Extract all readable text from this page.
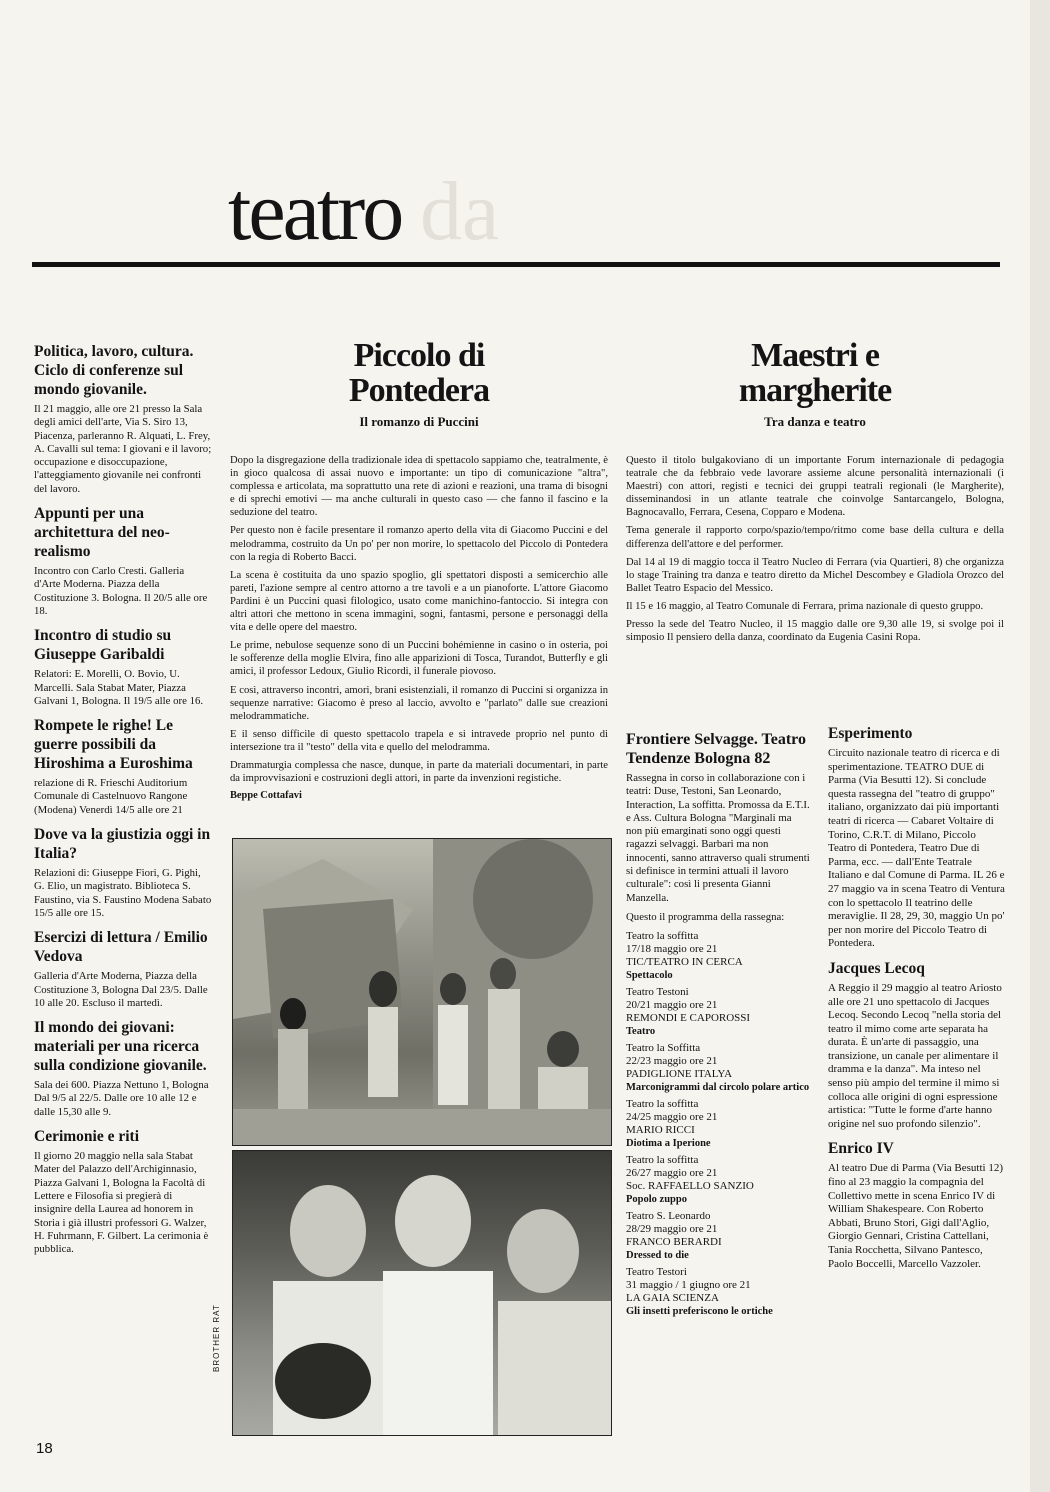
da
teatro
Politica, lavoro, cultura. Ciclo di conferenze sul mondo giovanile.

Il 21 maggio, alle ore 21 presso la Sala degli amici dell'arte, Via S. Siro 13, Piacenza, parleranno R. Alquati, L. Frey, A. Cavalli sul tema: I giovani e il lavoro; occupazione e disoccupazione, l'atteggiamento giovanile nei confronti del lavoro.

Appunti per una architettura del neo-realismo

Incontro con Carlo Cresti. Galleria d'Arte Moderna. Piazza della Costituzione 3. Bologna. Il 20/5 alle ore 18.

Incontro di studio su Giuseppe Garibaldi

Relatori: E. Morelli, O. Bovio, U. Marcelli. Sala Stabat Mater, Piazza Galvani 1, Bologna. Il 19/5 alle ore 16.

Rompete le righe! Le guerre possibili da Hiroshima a Euroshima

relazione di R. Frieschi Auditorium Comunale di Castelnuovo Rangone (Modena) Venerdì 14/5 alle ore 21

Dove va la giustizia oggi in Italia?

Relazioni di: Giuseppe Fiori, G. Pighi, G. Elio, un magistrato. Biblioteca S. Faustino, via S. Faustino Modena Sabato 15/5 alle ore 15.

Esercizi di lettura / Emilio Vedova

Galleria d'Arte Moderna, Piazza della Costituzione 3, Bologna Dal 23/5. Dalle 10 alle 20. Escluso il martedì.

Il mondo dei giovani: materiali per una ricerca sulla condizione giovanile.

Sala dei 600. Piazza Nettuno 1, Bologna Dal 9/5 al 22/5. Dalle ore 10 alle 12 e dalle 15,30 alle 9.

Cerimonie e riti

Il giorno 20 maggio nella sala Stabat Mater del Palazzo dell'Archiginnasio, Piazza Galvani 1, Bologna la Facoltà di Lettere e Filosofia si pregierà di insignire della Laurea ad honorem in Storia i già illustri professori G. Walzer, H. Fuhrmann, F. Gilbert. La cerimonia è pubblica.

Piccolo di Pontedera
Il romanzo di Puccini

Dopo la disgregazione della tradizionale idea di spettacolo sappiamo che, teatralmente, è in gioco qualcosa di assai nuovo e importante: un tipo di comunicazione "altra", complessa e articolata, ma soprattutto una rete di azioni e reazioni, una trama di bisogni e di sprechi emotivi — ma anche culturali in questo caso — che fanno il fascino e la seduzione del teatro.

Per questo non è facile presentare il romanzo aperto della vita di Giacomo Puccini e del melodramma, costruito da Un po' per non morire, lo spettacolo del Piccolo di Pontedera con la regia di Roberto Bacci.

La scena è costituita da uno spazio spoglio, gli spettatori disposti a semicerchio alle pareti, l'azione sempre al centro attorno a tre tavoli e a un pianoforte. L'attore Giacomo Pardini è un Puccini quasi filologico, usato come manichino-fantoccio. Si integra con altri attori che mettono in scena immagini, sogni, fantasmi, persone e personaggi della vita e delle opere del maestro.

Le prime, nebulose sequenze sono di un Puccini bohémienne in casino o in osteria, poi le sofferenze della moglie Elvira, fino alle apparizioni di Tosca, Turandot, Butterfly e gli amici, il professor Ledoux, Giulio Ricordi, il funerale piovoso.

E così, attraverso incontri, amori, brani esistenziali, il romanzo di Puccini si organizza in sequenze narrative: Giacomo è preso al laccio, avvolto e "parlato" dalle sue creazioni melodrammatiche.

E il senso difficile di questo spettacolo trapela e si intravede proprio nel punto di intersezione tra il "testo" della vita e quello del melodramma.

Drammaturgia complessa che nasce, dunque, in parte da materiali documentari, in parte da improvvisazioni e costruzioni degli attori, in parte da invenzioni registiche.

Beppe Cottafavi

BROTHER RAT
Maestri e margherite
Tra danza e teatro

Questo il titolo bulgakoviano di un importante Forum internazionale di pedagogia teatrale che da febbraio vede lavorare assieme alcune personalità internazionali (i Maestri) con attori, registi e tecnici dei gruppi teatrali regionali (le Margherite), disseminandosi in un atlante teatrale che coinvolge Santarcangelo, Bologna, Bagnocavallo, Ferrara, Cesena, Copparo e Modena.

Tema generale il rapporto corpo/spazio/tempo/ritmo come base della cultura e della differenza dell'attore e del performer.

Dal 14 al 19 di maggio tocca il Teatro Nucleo di Ferrara (via Quartieri, 8) che organizza lo stage Training tra danza e teatro diretto da Michel Descombey e Gladiola Orozco del Ballet Teatro Espacio del Messico.

Il 15 e 16 maggio, al Teatro Comunale di Ferrara, prima nazionale di questo gruppo.

Presso la sede del Teatro Nucleo, il 15 maggio dalle ore 9,30 alle 19, si svolge poi il simposio Il pensiero della danza, coordinato da Eugenia Casini Ropa.

Frontiere Selvagge. Teatro Tendenze Bologna 82

Rassegna in corso in collaborazione con i teatri: Duse, Testoni, San Leonardo, Interaction, La soffitta. Promossa da E.T.I. e Ass. Cultura Bologna "Marginali ma non più emarginati sono oggi questi ragazzi selvaggi. Barbari ma non innocenti, sanno attraverso quali strumenti si definisce in termini attuali il lavoro culturale": così li presenta Gianni Manzella.

Questo il programma della rassegna:

Teatro la soffitta
17/18 maggio ore 21
TIC/TEATRO IN CERCA
Spettacolo
Teatro Testoni
20/21 maggio ore 21
REMONDI E CAPOROSSI
Teatro
Teatro la Soffitta
22/23 maggio ore 21
PADIGLIONE ITALYA
Marconigrammi dal circolo polare artico
Teatro la soffitta
24/25 maggio ore 21
MARIO RICCI
Diotima a Iperione
Teatro la soffitta
26/27 maggio ore 21
Soc. RAFFAELLO SANZIO
Popolo zuppo
Teatro S. Leonardo
28/29 maggio ore 21
FRANCO BERARDI
Dressed to die
Teatro Testori
31 maggio / 1 giugno ore 21
LA GAIA SCIENZA
Gli insetti preferiscono le ortiche
Esperimento

Circuito nazionale teatro di ricerca e di sperimentazione. TEATRO DUE di Parma (Via Besutti 12). Si conclude questa rassegna del "teatro di gruppo" italiano, organizzato dai più importanti teatri di ricerca — Cabaret Voltaire di Torino, C.R.T. di Milano, Piccolo Teatro di Pontedera, Teatro Due di Parma, ecc. — dall'Ente Teatrale Italiano e dal Comune di Parma. IL 26 e 27 maggio va in scena Teatro di Ventura con lo spettacolo Il teatrino delle meraviglie. Il 28, 29, 30, maggio Un po' per non morire del Piccolo Teatro di Pontedera.

Jacques Lecoq

A Reggio il 29 maggio al teatro Ariosto alle ore 21 uno spettacolo di Jacques Lecoq. Secondo Lecoq "nella storia del teatro il mimo come arte separata ha durata. È un'arte di passaggio, una transizione, un canale per alimentare il dramma e la danza". Ma inteso nel senso più ampio del termine il mimo si colloca alle origini di ogni espressione artistica: "Tutte le forme d'arte hanno origine nel suo profondo silenzio".

Enrico IV

Al teatro Due di Parma (Via Besutti 12) fino al 23 maggio la compagnia del Collettivo mette in scena Enrico IV di William Shakespeare. Con Roberto Abbati, Bruno Stori, Gigi dall'Aglio, Giorgio Gennari, Cristina Cattellani, Tania Rocchetta, Silvano Pantesco, Paolo Boccelli, Marcello Vazzoler.

18
